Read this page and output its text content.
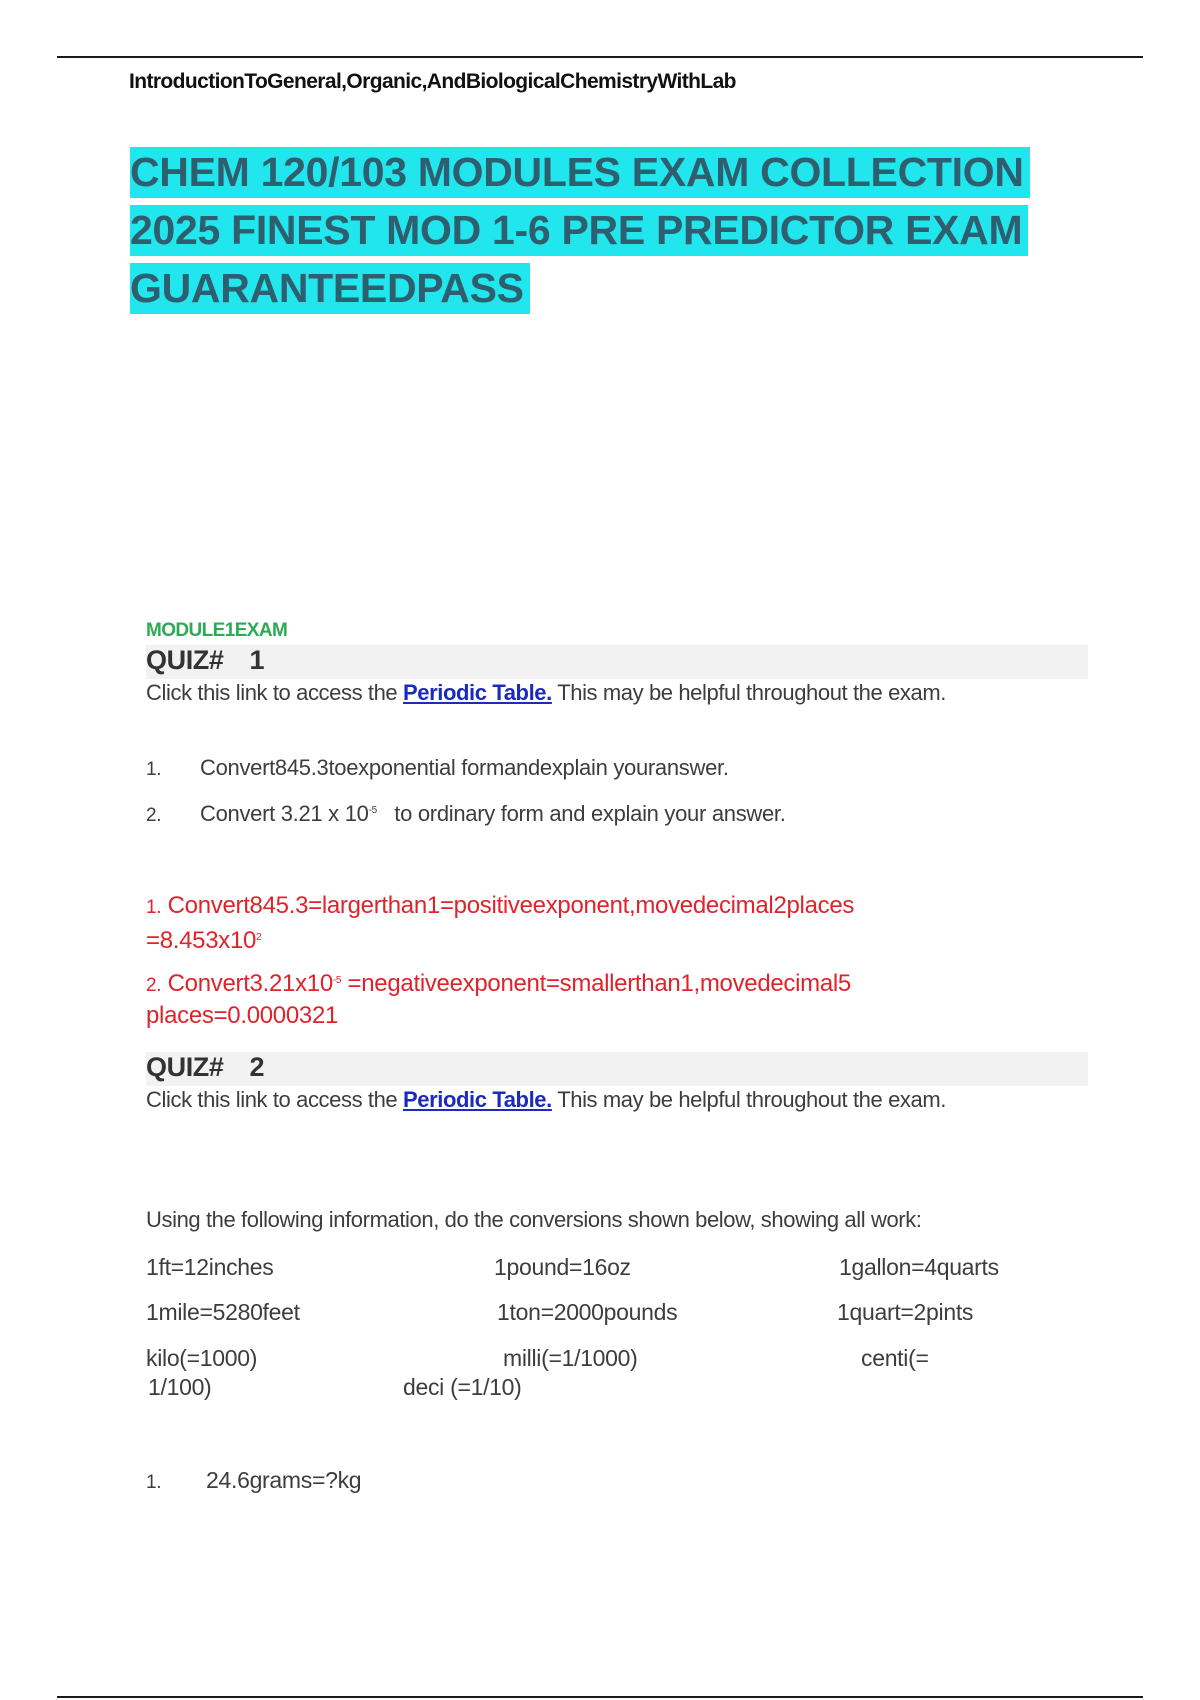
IntroductionToGeneral,Organic,AndBiologicalChemistryWithLab
CHEM 120/103 MODULES EXAM COLLECTION
2025 FINEST MOD 1-6 PRE PREDICTOR EXAM
GUARANTEEDPASS
MODULE1EXAM
QUIZ# 1
Click this link to access the Periodic Table. This may be helpful throughout the exam.
1. Convert845.3toexponential formandexplain youranswer.
2. Convert 3.21 x $10^{-5}$ to ordinary form and explain your answer.
1. Convert845.3=largerthan1=positiveexponent,movedecimal2places
$=8.453x10^2$
2. $Convert3.21x10^{-5}$ =negativeexponent=smallerthan1,movedecimal5
places=0.0000321
QUIZ# 2
Click this link to access the Periodic Table. This may be helpful throughout the exam.
Using the following information, do the conversions shown below, showing all work:
1ft=12inches	1pound=16oz	1gallon=4quarts
1mile=5280feet	1ton=2000pounds	1quart=2pints
kilo(=1000)	milli(=1/1000)	centi(=
1/100)	deci (=1/10)
1. 24.6grams=?kg
